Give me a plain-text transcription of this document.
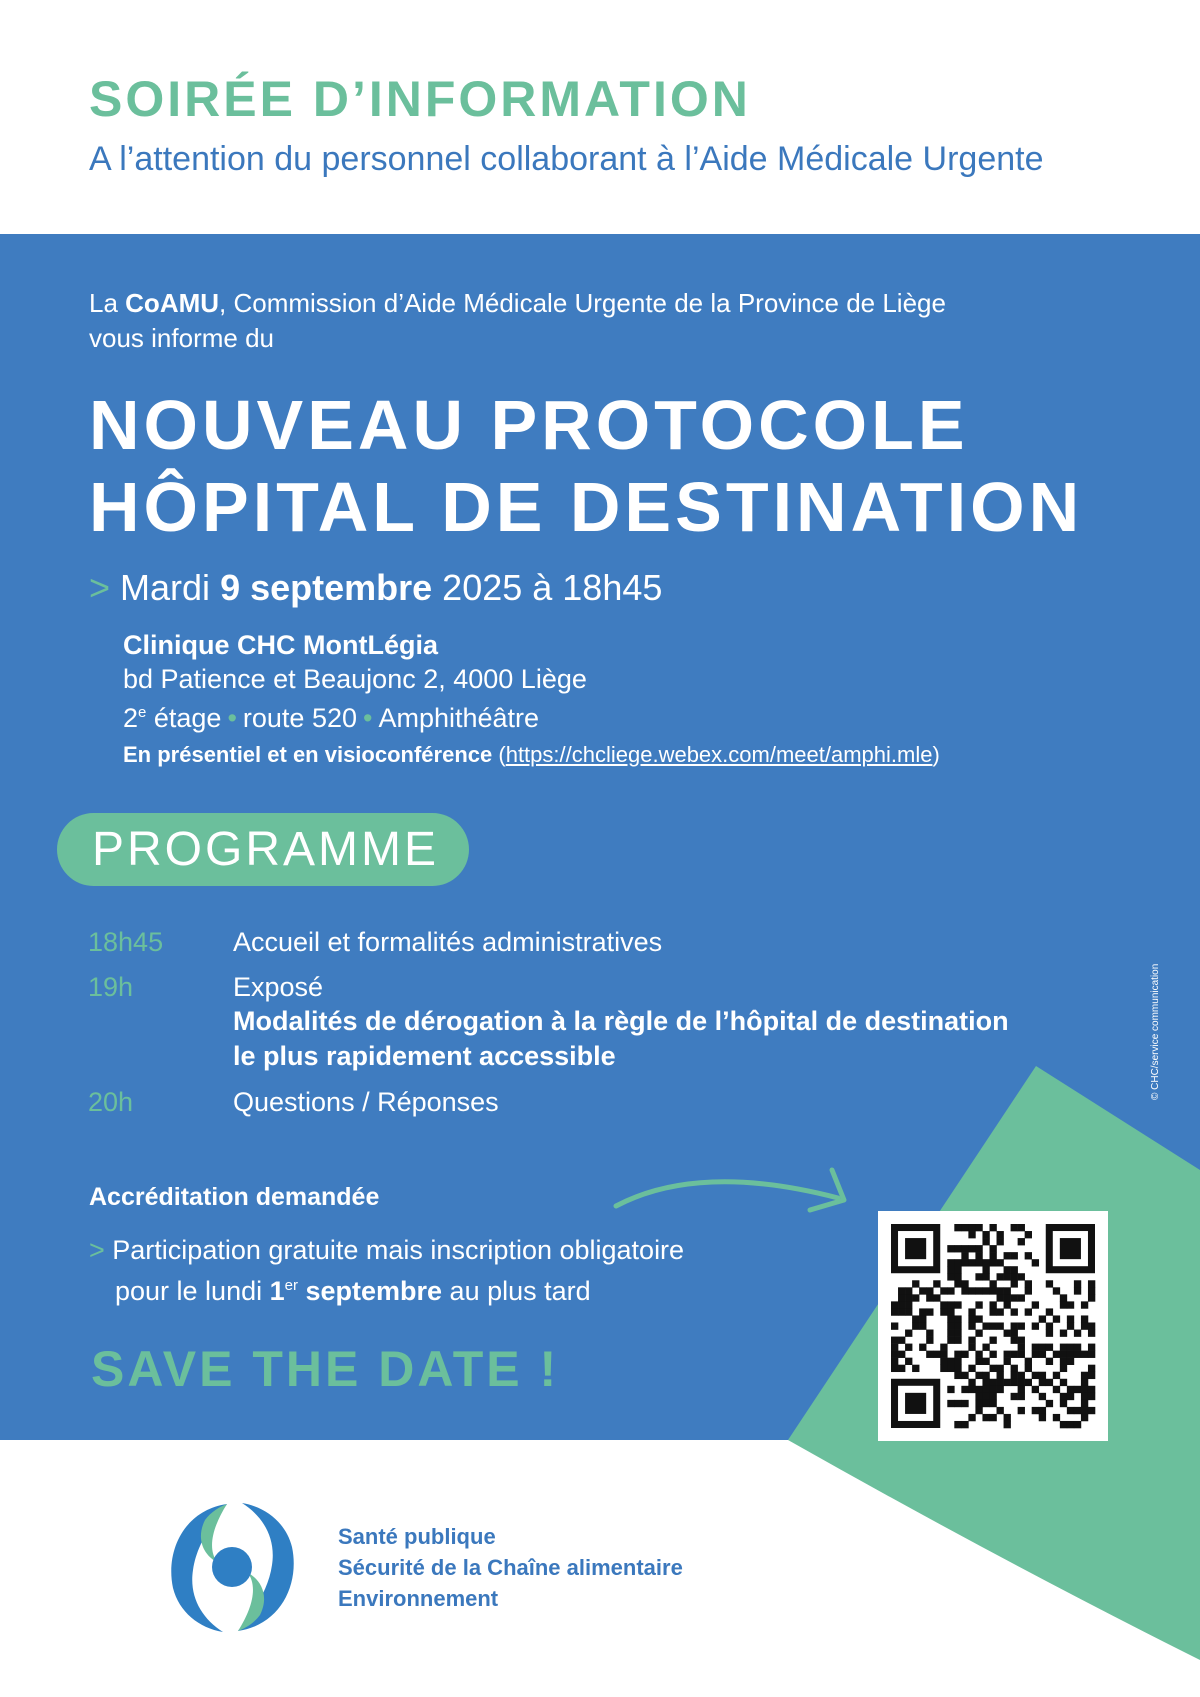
SOIRÉE D’INFORMATION

A l’attention du personnel collaborant à l’Aide Médicale Urgente

La CoAMU, Commission d’Aide Médicale Urgente de la Province de Liège
vous informe du

NOUVEAU PROTOCOLE
HÔPITAL DE DESTINATION

> Mardi 9 septembre 2025 à 18h45

Clinique CHC MontLégia
bd Patience et Beaujonc 2, 4000 Liège
2e étage • route 520 • Amphithéâtre

En présentiel et en visioconférence (https://chcliege.webex.com/meet/amphi.mle)

PROGRAMME

18h45	Accueil et formalités administratives
19h	Exposé
Modalités de dérogation à la règle de l’hôpital de destination
le plus rapidement accessible
20h	Questions / Réponses

Accréditation demandée

> Participation gratuite mais inscription obligatoire
pour le lundi 1er septembre au plus tard

SAVE THE DATE !

© CHC/service communication

Santé publique
Sécurité de la Chaîne alimentaire
Environnement
